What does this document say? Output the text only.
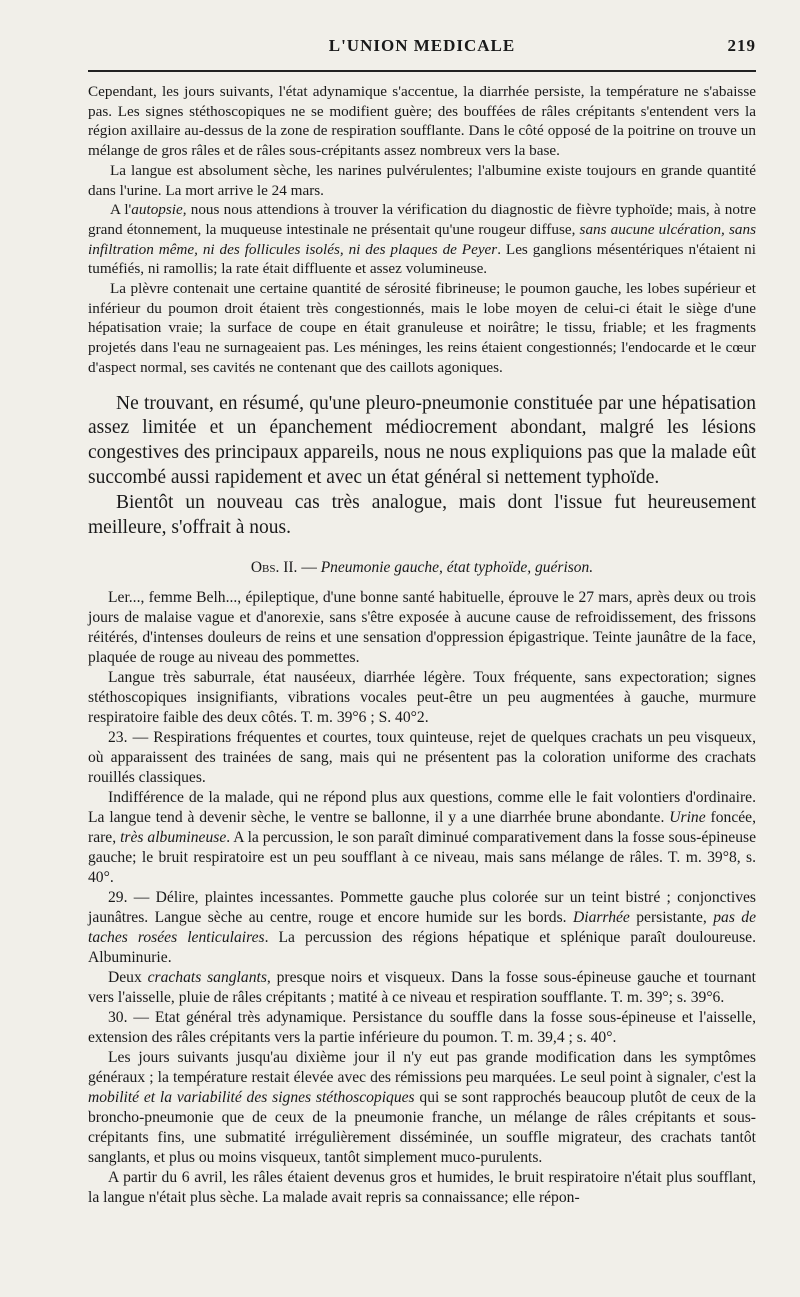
L'UNION MEDICALE	219

Cependant, les jours suivants, l'état adynamique s'accentue, la diarrhée persiste, la température ne s'abaisse pas. Les signes stéthoscopiques ne se modifient guère; des bouffées de râles crépitants s'entendent vers la région axillaire au-dessus de la zone de respiration soufflante. Dans le côté opposé de la poitrine on trouve un mélange de gros râles et de râles sous-crépitants assez nombreux vers la base.

La langue est absolument sèche, les narines pulvérulentes; l'albumine existe toujours en grande quantité dans l'urine. La mort arrive le 24 mars.

A l'autopsie, nous nous attendions à trouver la vérification du diagnostic de fièvre typhoïde; mais, à notre grand étonnement, la muqueuse intestinale ne présentait qu'une rougeur diffuse, sans aucune ulcération, sans infiltration même, ni des follicules isolés, ni des plaques de Peyer. Les ganglions mésentériques n'étaient ni tuméfiés, ni ramollis; la rate était diffluente et assez volumineuse.

La plèvre contenait une certaine quantité de sérosité fibrineuse; le poumon gauche, les lobes supérieur et inférieur du poumon droit étaient très congestionnés, mais le lobe moyen de celui-ci était le siège d'une hépatisation vraie; la surface de coupe en était granuleuse et noirâtre; le tissu, friable; et les fragments projetés dans l'eau ne surnageaient pas. Les méninges, les reins étaient congestionnés; l'endocarde et le cœur d'aspect normal, ses cavités ne contenant que des caillots agoniques.

Ne trouvant, en résumé, qu'une pleuro-pneumonie constituée par une hépatisation assez limitée et un épanchement médiocrement abondant, malgré les lésions congestives des principaux appareils, nous ne nous expliquions pas que la malade eût succombé aussi rapidement et avec un état général si nettement typhoïde.

Bientôt un nouveau cas très analogue, mais dont l'issue fut heureusement meilleure, s'offrait à nous.

Obs. II. — Pneumonie gauche, état typhoïde, guérison.

Ler..., femme Belh..., épileptique, d'une bonne santé habituelle, éprouve le 27 mars, après deux ou trois jours de malaise vague et d'anorexie, sans s'être exposée à aucune cause de refroidissement, des frissons réitérés, d'intenses douleurs de reins et une sensation d'oppression épigastrique. Teinte jaunâtre de la face, plaquée de rouge au niveau des pommettes.

Langue très saburrale, état nauséeux, diarrhée légère. Toux fréquente, sans expectoration; signes stéthoscopiques insignifiants, vibrations vocales peut-être un peu augmentées à gauche, murmure respiratoire faible des deux côtés. T. m. 39°6 ; S. 40°2.

23. — Respirations fréquentes et courtes, toux quinteuse, rejet de quelques crachats un peu visqueux, où apparaissent des trainées de sang, mais qui ne présentent pas la coloration uniforme des crachats rouillés classiques.

Indifférence de la malade, qui ne répond plus aux questions, comme elle le fait volontiers d'ordinaire. La langue tend à devenir sèche, le ventre se ballonne, il y a une diarrhée brune abondante. Urine foncée, rare, très albumineuse. A la percussion, le son paraît diminué comparativement dans la fosse sous-épineuse gauche; le bruit respiratoire est un peu soufflant à ce niveau, mais sans mélange de râles. T. m. 39°8, s. 40°.

29. — Délire, plaintes incessantes. Pommette gauche plus colorée sur un teint bistré ; conjonctives jaunâtres. Langue sèche au centre, rouge et encore humide sur les bords. Diarrhée persistante, pas de taches rosées lenticulaires. La percussion des régions hépatique et splénique paraît douloureuse. Albuminurie.

Deux crachats sanglants, presque noirs et visqueux. Dans la fosse sous-épineuse gauche et tournant vers l'aisselle, pluie de râles crépitants ; matité à ce niveau et respiration soufflante. T. m. 39°; s. 39°6.

30. — Etat général très adynamique. Persistance du souffle dans la fosse sous-épineuse et l'aisselle, extension des râles crépitants vers la partie inférieure du poumon. T. m. 39,4 ; s. 40°.

Les jours suivants jusqu'au dixième jour il n'y eut pas grande modification dans les symptômes généraux ; la température restait élevée avec des rémissions peu marquées. Le seul point à signaler, c'est la mobilité et la variabilité des signes stéthoscopiques qui se sont rapprochés beaucoup plutôt de ceux de la broncho-pneumonie que de ceux de la pneumonie franche, un mélange de râles crépitants et sous-crépitants fins, une submatité irrégulièrement disséminée, un souffle migrateur, des crachats tantôt sanglants, et plus ou moins visqueux, tantôt simplement muco-purulents.

A partir du 6 avril, les râles étaient devenus gros et humides, le bruit respiratoire n'était plus soufflant, la langue n'était plus sèche. La malade avait repris sa connaissance; elle répon-
